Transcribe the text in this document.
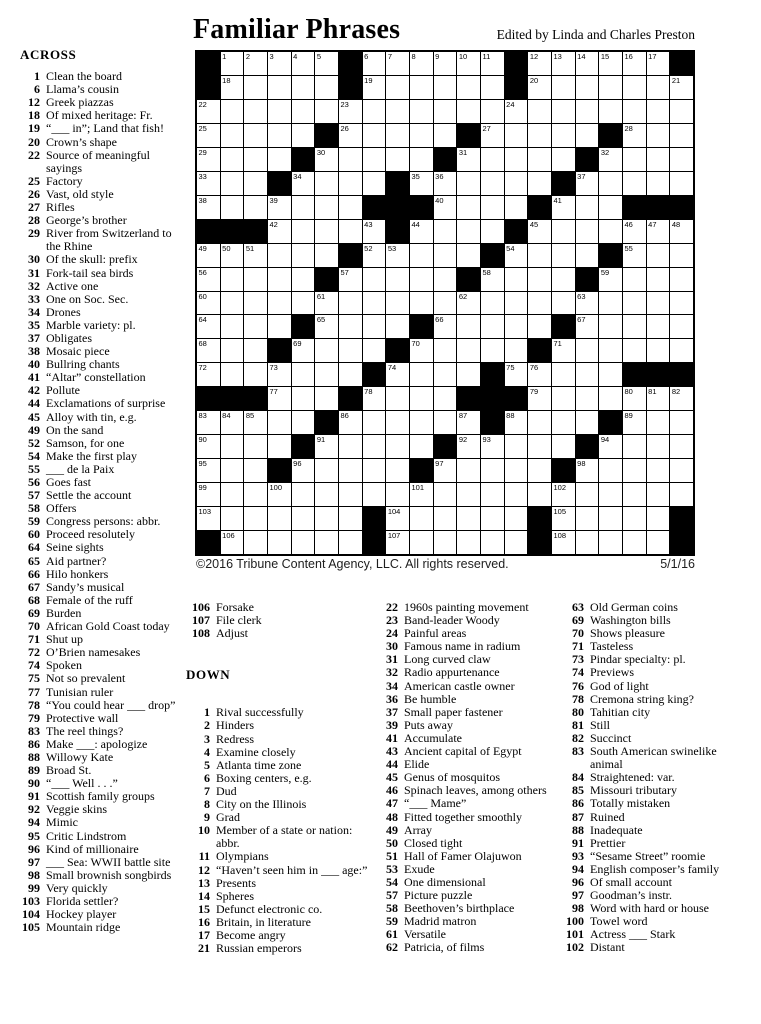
Familiar Phrases	Edited by Linda and Charles Preston
1	2	3	4	5	6	7	8	9	10 11	12 13 14 15 16 17
18	19	20	21
22	23	24
25	26	27	28
29	30	31	32
33	34	35 36	37
38	39	40	41
42	43	44	45	46 47 48
49 50 51	52 53	54	55
56	57	58	59
60	61	62	63
64	65	66	67
68	69	70	71
72	73	74	75 76
77	78	79	80 81 82
83 84 85	86	87	88	89
90	91	92 93	94
95	96	97	98
99	100	101	102
103	104	105
106	107	108
©2016 Tribune Content Agency, LLC. All rights reserved.	5/1/16
ACROSS
1 Clean the board
6 Llama’s cousin
12 Greek piazzas
18 Of mixed heritage: Fr.
19 “___ in”; Land that fish!
20 Crown’s shape
22 Source of meaningful sayings
25 Factory
26 Vast, old style
27 Rifles
28 George’s brother
29 River from Switzerland to the Rhine
30 Of the skull: prefix
31 Fork-tail sea birds
32 Active one
33 One on Soc. Sec.
34 Drones
35 Marble variety: pl.
37 Obligates
38 Mosaic piece
40 Bullring chants
41 “Altar” constellation
42 Pollute
44 Exclamations of surprise
45 Alloy with tin, e.g.
49 On the sand
52 Samson, for one
54 Make the first play
55 ___ de la Paix
56 Goes fast
57 Settle the account
58 Offers
59 Congress persons: abbr.
60 Proceed resolutely
64 Seine sights
65 Aid partner?
66 Hilo honkers
67 Sandy’s musical
68 Female of the ruff
69 Burden
70 African Gold Coast today
71 Shut up
72 O’Brien namesakes
74 Spoken
75 Not so prevalent
77 Tunisian ruler
78 “You could hear ___ drop”
79 Protective wall
83 The reel things?
86 Make ___: apologize
88 Willowy Kate
89 Broad St.
90 “___ Well . . .”
91 Scottish family groups
92 Veggie skins
94 Mimic
95 Critic Lindstrom
96 Kind of millionaire
97 ___ Sea: WWII battle site
98 Small brownish songbirds
99 Very quickly
103 Florida settler?
104 Hockey player
105 Mountain ridge
106 Forsake
107 File clerk
108 Adjust
DOWN
1 Rival successfully
2 Hinders
3 Redress
4 Examine closely
5 Atlanta time zone
6 Boxing centers, e.g.
7 Dud
8 City on the Illinois
9 Grad
10 Member of a state or nation: abbr.
11 Olympians
12 “Haven’t seen him in ___ age:”
13 Presents
14 Spheres
15 Defunct electronic co.
16 Britain, in literature
17 Become angry
21 Russian emperors
22 1960s painting movement
23 Band-leader Woody
24 Painful areas
30 Famous name in radium
31 Long curved claw
32 Radio appurtenance
34 American castle owner
36 Be humble
37 Small paper fastener
39 Puts away
41 Accumulate
43 Ancient capital of Egypt
44 Elide
45 Genus of mosquitos
46 Spinach leaves, among others
47 “___ Mame”
48 Fitted together smoothly
49 Array
50 Closed tight
51 Hall of Famer Olajuwon
53 Exude
54 One dimensional
57 Picture puzzle
58 Beethoven’s birthplace
59 Madrid matron
61 Versatile
62 Patricia, of films
63 Old German coins
69 Washington bills
70 Shows pleasure
71 Tasteless
73 Pindar specialty: pl.
74 Previews
76 God of light
78 Cremona string king?
80 Tahitian city
81 Still
82 Succinct
83 South American swinelike animal
84 Straightened: var.
85 Missouri tributary
86 Totally mistaken
87 Ruined
88 Inadequate
91 Prettier
93 “Sesame Street” roomie
94 English composer’s family
96 Of small account
97 Goodman’s instr.
98 Word with hard or house
100 Towel word
101 Actress ___ Stark
102 Distant
